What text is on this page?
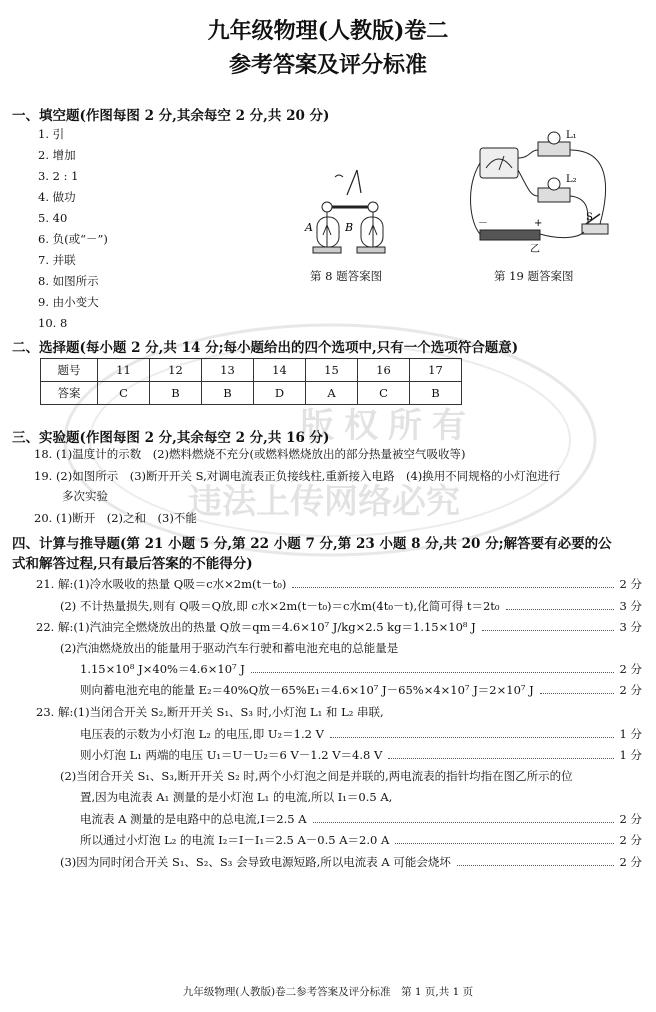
版权所有
违法上传网络必究
九年级物理(人教版)卷二
参考答案及评分标准
一、填空题(作图每图 2 分,其余每空 2 分,共 20 分)
1. 引
2. 增加
3. 2 : 1
4. 做功
5. 40
6. 负(或“－”)
7. 并联
8. 如图所示
9. 由小变大
10. 8
A	B
第 8 题答案图
L₁
L₂
S
乙
－	+
第 19 题答案图
二、选择题(每小题 2 分,共 14 分;每小题给出的四个选项中,只有一个选项符合题意)
题号	11	12	13	14	15	16	17
答案	C	B	B	D	A	C	B
三、实验题(作图每图 2 分,其余每空 2 分,共 16 分)
18. (1)温度计的示数　(2)燃料燃烧不充分(或燃料燃烧放出的部分热量被空气吸收等)
19. (2)如图所示　(3)断开开关 S,对调电流表正负接线柱,重新接入电路　(4)换用不同规格的小灯泡进行
多次实验
20. (1)断开　(2)之和　(3)不能
四、计算与推导题(第 21 小题 5 分,第 22 小题 7 分,第 23 小题 8 分,共 20 分;解答要有必要的公
式和解答过程,只有最后答案的不能得分)
21. 解:(1)冷水吸收的热量 Q吸＝c水×2m(t－t₀)	2 分
(2) 不计热量损失,则有 Q吸＝Q放,即 c水×2m(t－t₀)＝c水m(4t₀－t),化简可得 t＝2t₀	3 分
22. 解:(1)汽油完全燃烧放出的热量 Q放＝qm＝4.6×10⁷ J/kg×2.5 kg＝1.15×10⁸ J	3 分
(2)汽油燃烧放出的能量用于驱动汽车行驶和蓄电池充电的总能量是
1.15×10⁸ J×40%＝4.6×10⁷ J	2 分
则向蓄电池充电的能量 E₂＝40%Q放－65%E₁＝4.6×10⁷ J－65%×4×10⁷ J＝2×10⁷ J	2 分
23. 解:(1)当闭合开关 S₂,断开开关 S₁、S₃ 时,小灯泡 L₁ 和 L₂ 串联,
电压表的示数为小灯泡 L₂ 的电压,即 U₂＝1.2 V	1 分
则小灯泡 L₁ 两端的电压 U₁＝U－U₂＝6 V－1.2 V＝4.8 V	1 分
(2)当闭合开关 S₁、S₃,断开开关 S₂ 时,两个小灯泡之间是并联的,两电流表的指针均指在图乙所示的位
置,因为电流表 A₁ 测量的是小灯泡 L₁ 的电流,所以 I₁＝0.5 A,
电流表 A 测量的是电路中的总电流,I＝2.5 A	2 分
所以通过小灯泡 L₂ 的电流 I₂＝I－I₁＝2.5 A－0.5 A＝2.0 A	2 分
(3)因为同时闭合开关 S₁、S₂、S₃ 会导致电源短路,所以电流表 A 可能会烧坏	2 分
九年级物理(人教版)卷二参考答案及评分标准　第 1 页,共 1 页
